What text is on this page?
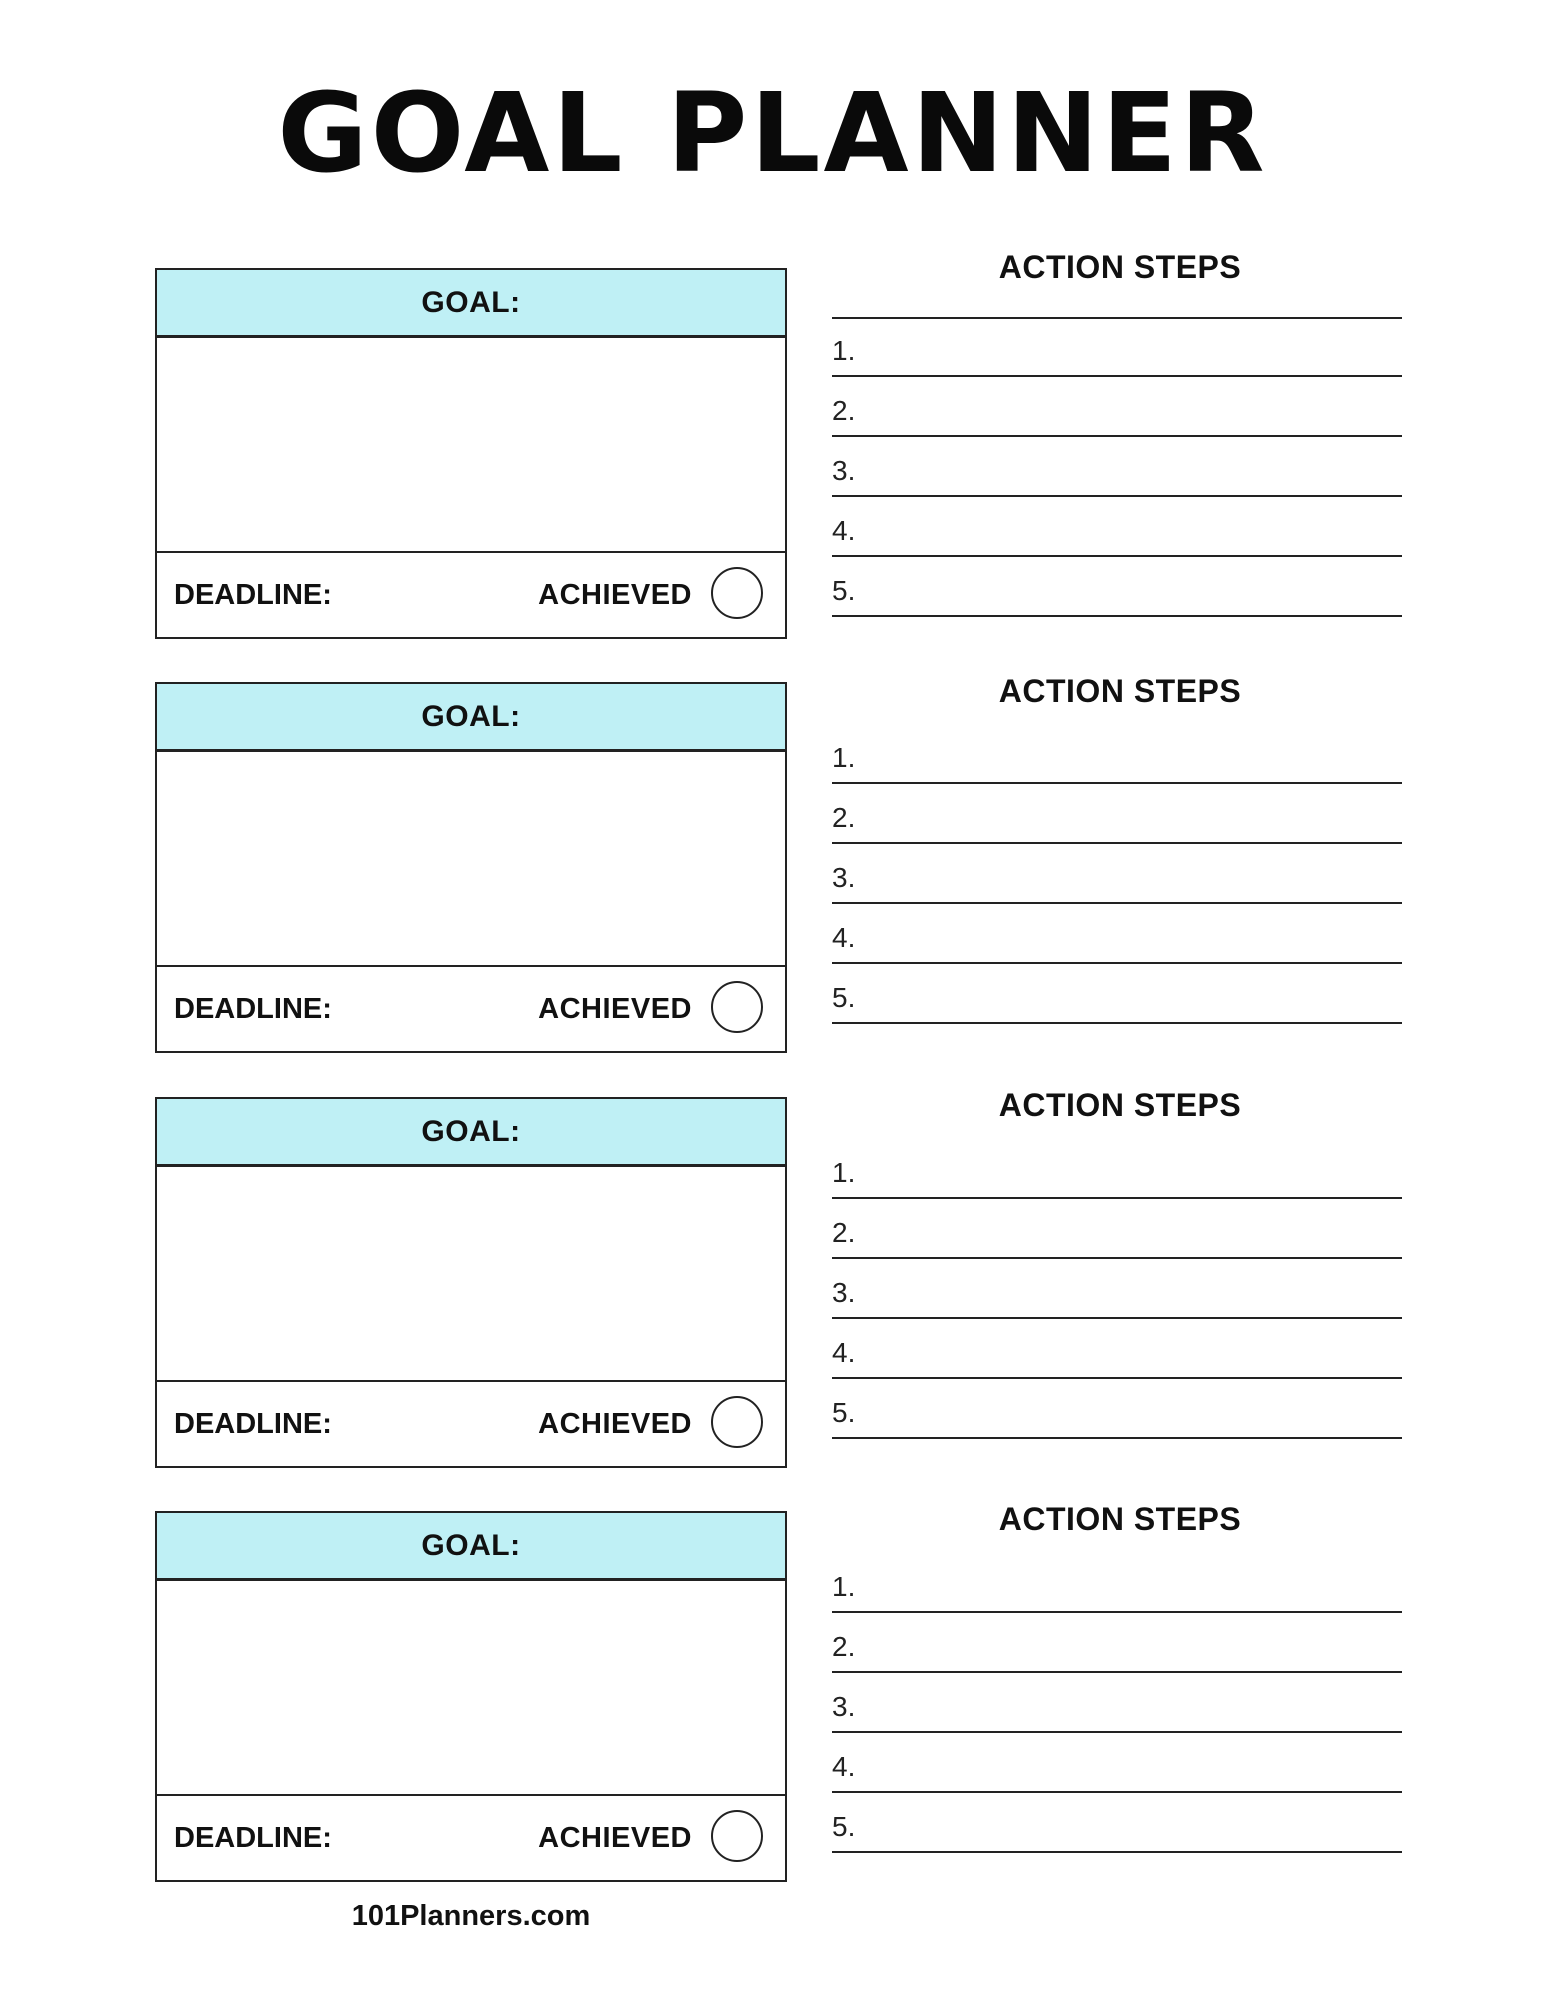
GOAL PLANNER
GOAL:
DEADLINE:	ACHIEVED
ACTION STEPS
1.
2.
3.
4.
5.
GOAL:
DEADLINE:	ACHIEVED
ACTION STEPS
1.
2.
3.
4.
5.
GOAL:
DEADLINE:	ACHIEVED
ACTION STEPS
1.
2.
3.
4.
5.
GOAL:
DEADLINE:	ACHIEVED
ACTION STEPS
1.
2.
3.
4.
5.
101Planners.com
